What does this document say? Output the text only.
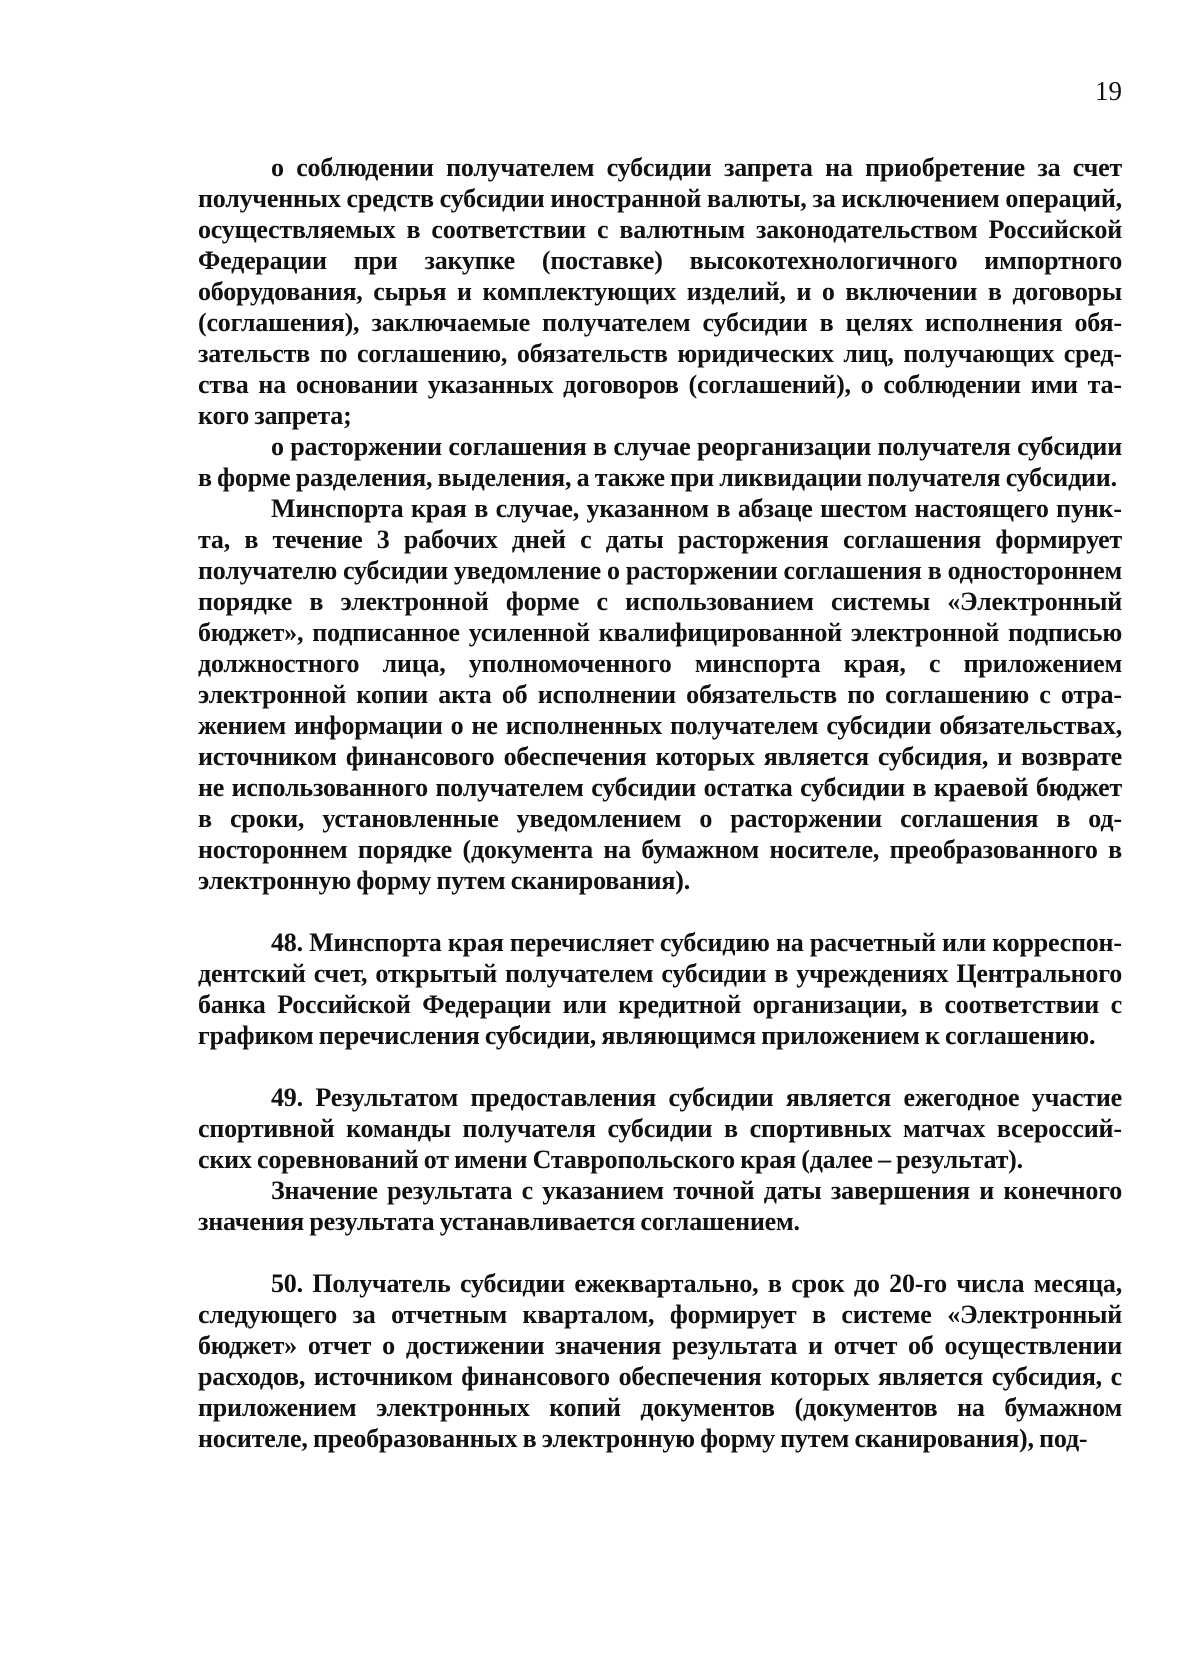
19

о соблюдении получателем субсидии запрета на приобретение за счет полученных средств субсидии иностранной валюты, за исключением операций, осуществляемых в соответствии с валютным законодательством Российской Федерации при закупке (поставке) высокотехнологичного импортного оборудования, сырья и комплектующих изделий, и о включении в договоры (соглашения), заключаемые получателем субсидии в целях исполнения обязательств по соглашению, обязательств юридических лиц, получающих средства на основании указанных договоров (соглашений), о соблюдении ими такого запрета;

о расторжении соглашения в случае реорганизации получателя субсидии в форме разделения, выделения, а также при ликвидации получателя субсидии.

Минспорта края в случае, указанном в абзаце шестом настоящего пункта, в течение 3 рабочих дней с даты расторжения соглашения формирует получателю субсидии уведомление о расторжении соглашения в одностороннем порядке в электронной форме с использованием системы «Электронный бюджет», подписанное усиленной квалифицированной электронной подписью должностного лица, уполномоченного минспорта края, с приложением электронной копии акта об исполнении обязательств по соглашению с отражением информации о не исполненных получателем субсидии обязательствах, источником финансового обеспечения которых является субсидия, и возврате не использованного получателем субсидии остатка субсидии в краевой бюджет в сроки, установленные уведомлением о расторжении соглашения в одностороннем порядке (документа на бумажном носителе, преобразованного в электронную форму путем сканирования).

48. Минспорта края перечисляет субсидию на расчетный или корреспондентский счет, открытый получателем субсидии в учреждениях Центрального банка Российской Федерации или кредитной организации, в соответствии с графиком перечисления субсидии, являющимся приложением к соглашению.

49. Результатом предоставления субсидии является ежегодное участие спортивной команды получателя субсидии в спортивных матчах всероссийских соревнований от имени Ставропольского края (далее – результат).

Значение результата с указанием точной даты завершения и конечного значения результата устанавливается соглашением.

50. Получатель субсидии ежеквартально, в срок до 20-го числа месяца, следующего за отчетным кварталом, формирует в системе «Электронный бюджет» отчет о достижении значения результата и отчет об осуществлении расходов, источником финансового обеспечения которых является субсидия, с приложением электронных копий документов (документов на бумажном носителе, преобразованных в электронную форму путем сканирования), под-
